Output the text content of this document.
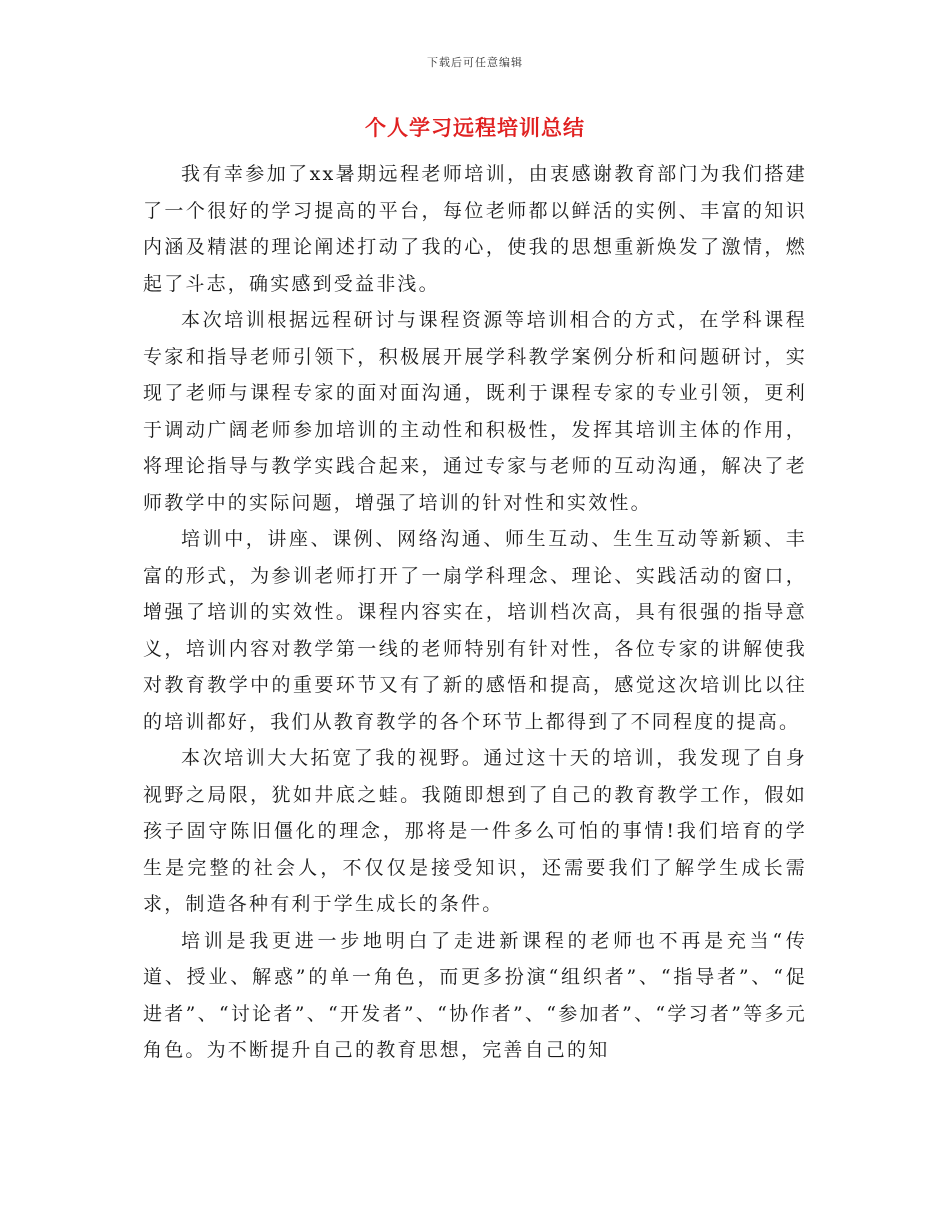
下载后可任意编辑
个人学习远程培训总结

我有幸参加了xx暑期远程老师培训，由衷感谢教育部门为我们搭建了一个很好的学习提高的平台，每位老师都以鲜活的实例、丰富的知识内涵及精湛的理论阐述打动了我的心，使我的思想重新焕发了激情，燃起了斗志，确实感到受益非浅。

本次培训根据远程研讨与课程资源等培训相合的方式，在学科课程专家和指导老师引领下，积极展开展学科教学案例分析和问题研讨，实现了老师与课程专家的面对面沟通，既利于课程专家的专业引领，更利于调动广阔老师参加培训的主动性和积极性，发挥其培训主体的作用，将理论指导与教学实践合起来，通过专家与老师的互动沟通，解决了老师教学中的实际问题，增强了培训的针对性和实效性。

培训中，讲座、课例、网络沟通、师生互动、生生互动等新颖、丰富的形式，为参训老师打开了一扇学科理念、理论、实践活动的窗口，增强了培训的实效性。课程内容实在，培训档次高，具有很强的指导意义，培训内容对教学第一线的老师特别有针对性，各位专家的讲解使我对教育教学中的重要环节又有了新的感悟和提高，感觉这次培训比以往的培训都好，我们从教育教学的各个环节上都得到了不同程度的提高。

本次培训大大拓宽了我的视野。通过这十天的培训，我发现了自身视野之局限，犹如井底之蛙。我随即想到了自己的教育教学工作，假如孩子固守陈旧僵化的理念，那将是一件多么可怕的事情!我们培育的学生是完整的社会人，不仅仅是接受知识，还需要我们了解学生成长需求，制造各种有利于学生成长的条件。

培训是我更进一步地明白了走进新课程的老师也不再是充当“传道、授业、解惑”的单一角色，而更多扮演“组织者”、“指导者”、“促进者”、“讨论者”、“开发者”、“协作者”、“参加者”、“学习者”等多元角色。为不断提升自己的教育思想，完善自己的知
